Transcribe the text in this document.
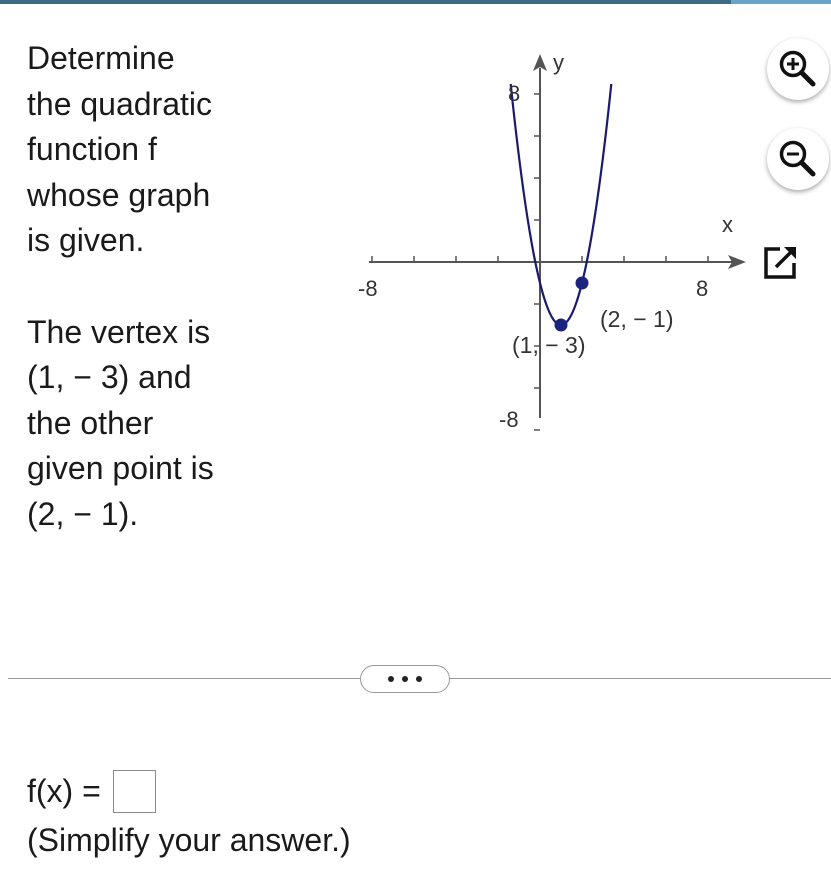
Determine

the quadratic

function f

whose graph

is given.

The vertex is

(1, − 3) and

the other

given point is

(2, − 1).

y
x
-8	8
8
-8
(1, − 3)
(2, − 1)
f(x) =
(Simplify your answer.)
